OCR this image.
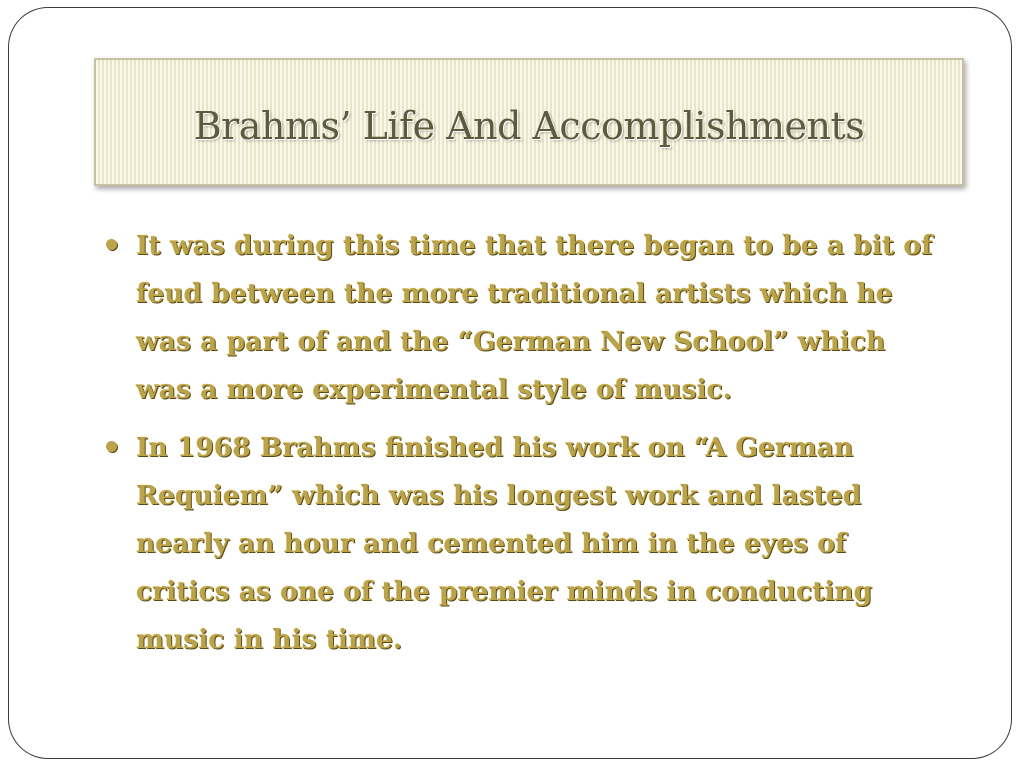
Brahms’ Life And Accomplishments
It was during this time that there began to be a bit of feud between the more traditional artists which he was a part of and the “German New School” which was a more experimental style of music.
In 1968 Brahms finished his work on “A German Requiem” which was his longest work and lasted nearly an hour and cemented him in the eyes of critics as one of the premier minds in conducting music in his time.
